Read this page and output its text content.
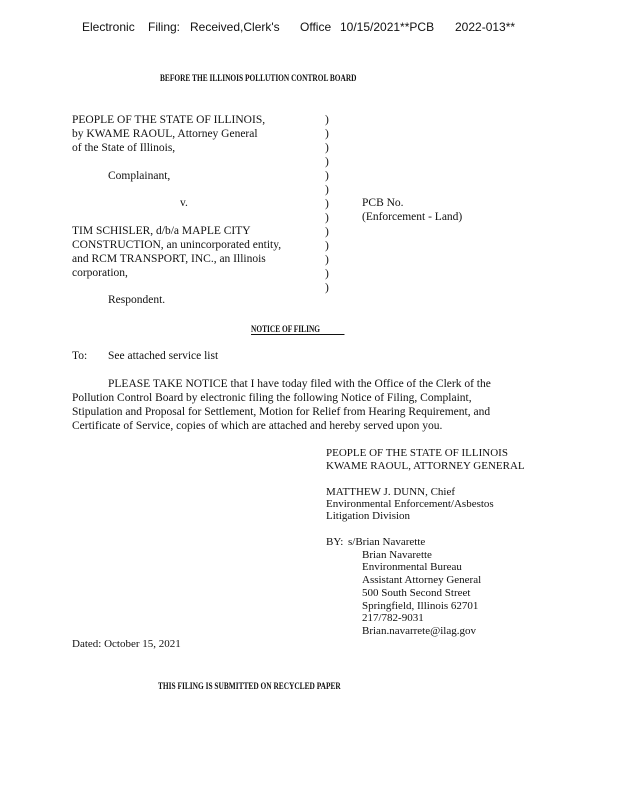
Electronic Filing: Received,Clerk's Office 10/15/2021**PCB 2022-013**
BEFORE THE ILLINOIS POLLUTION CONTROL BOARD
PEOPLE OF THE STATE OF ILLINOIS,
by KWAME RAOUL, Attorney General
of the State of Illinois,
Complainant,
v.
TIM SCHISLER, d/b/a MAPLE CITY
CONSTRUCTION, an unincorporated entity,
and RCM TRANSPORT, INC., an Illinois
corporation,
Respondent.
)
)
)
)
)
)
)
)
)
)
)
)
)
PCB No.
(Enforcement - Land)
NOTICE OF FILING
To: See attached service list
PLEASE TAKE NOTICE that I have today filed with the Office of the Clerk of the
Pollution Control Board by electronic filing the following Notice of Filing, Complaint,
Stipulation and Proposal for Settlement, Motion for Relief from Hearing Requirement, and
Certificate of Service, copies of which are attached and hereby served upon you.
PEOPLE OF THE STATE OF ILLINOIS
KWAME RAOUL, ATTORNEY GENERAL
MATTHEW J. DUNN, Chief
Environmental Enforcement/Asbestos
Litigation Division
BY: s/Brian Navarette
Brian Navarette
Environmental Bureau
Assistant Attorney General
500 South Second Street
Springfield, Illinois 62701
217/782-9031
Brian.navarrete@ilag.gov
Dated: October 15, 2021
THIS FILING IS SUBMITTED ON RECYCLED PAPER
